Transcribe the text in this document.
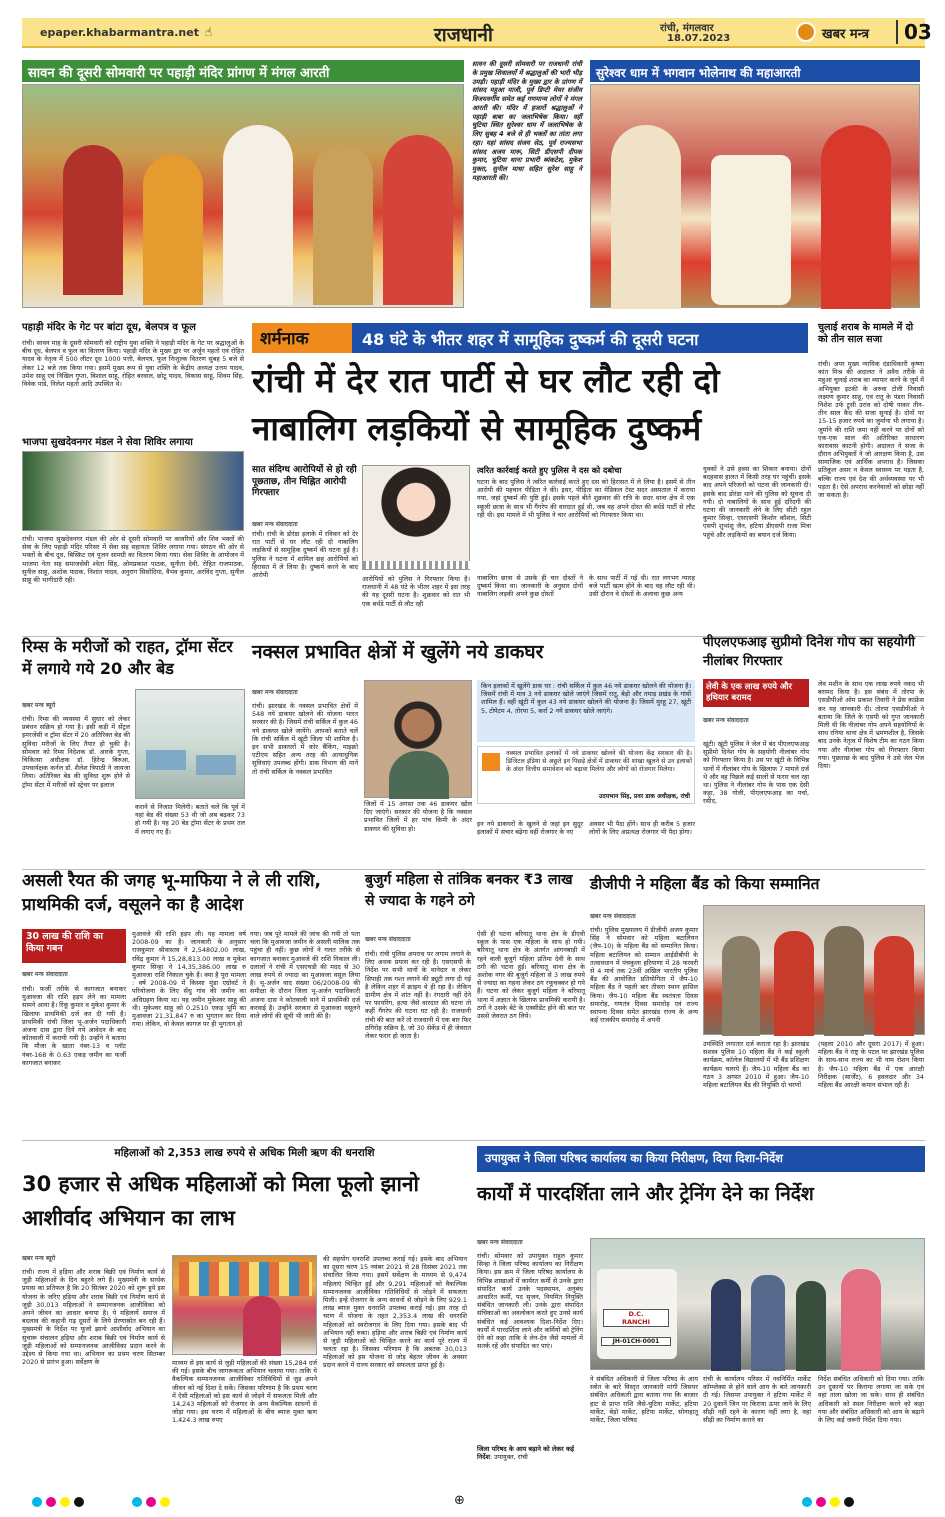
epaper.khabarmantra.net ☝	राजधानी	रांची, मंगलवार
18.07.2023	खबर मन्त्र	03
सावन की दूसरी सोमवारी पर पहाड़ी मंदिर प्रांगण में मंगल आरती
सावन की दूसरी सोमवारी पर राजधानी रांची के प्रमुख शिवालयों में श्रद्धालुओं की भारी भीड़ उमड़ी। पहाड़ी मंदिर के मुख्य द्वार के प्रांगण में सांसद महुआ माजी, पूर्व डिप्टी मेयर संजीव विजयवर्गीय समेत कई गणमान्य लोगों ने मंगल आरती की। मंदिर में हजारों श्रद्धालुओं ने पहाड़ी बाबा का जलाभिषेक किया। वहीं चुटिया स्थित सुरेश्वर धाम में जलाभिषेक के लिए सुबह 4 बजे से ही भक्तों का तांता लगा रहा। यहां सांसद संजय सेठ, पूर्व राज्यसभा सांसद अजय मारू, सिटी डीएसपी दीपक कुमार, चुटिया थाना प्रभारी ब्यंकटेश, मुकेश मुक्ता, सुनील माथा सहित सुरेश साहू ने महाआरती की।
सुरेश्वर धाम में भगवान भोलेनाथ की महाआरती
पहाड़ी मंदिर के गेट पर बांटा दूध, बेलपत्र व फूल
रांची। सावन माह के दूसरी सोमवारी को राष्ट्रीय युवा शक्ति ने पहाड़ी मंदिर के गेट पर श्रद्धालुओं के बीच दूध, बेलपत्र व फूल का वितरण किया। पहाड़ी मंदिर के मुख्य द्वार पर अर्जुन महतो एवं रोहित यादव के नेतृत्व में 500 लीटर दूध 1000 पत्ती, बेलपत्र, फूल निःशुल्क वितरण सुबह 5 बजे से लेकर 12 बजे तक किया गया। इसमें मुख्य रूप से युवा शक्ति के केंद्रीय अध्यक्ष उत्तम यादव, उमेश साहू एवं निखिल गुप्ता, बिशाल साहू, रोहित बरवाल, छोटू यादव, विकास साहू, शिवम सिंह, विवेक पांडे, निलेश महतो आदि उपस्थित थे।
भाजपा सुखदेवनगर मंडल ने सेवा शिविर लगाया
रांची। भाजपा सुखदेवनगर मंडल की ओर से दूसरी सोमवारी पर कावरियों और शिव भक्तों की सेवा के लिए पहाड़ी मंदिर परिसर में सेवा सह सहायता शिविर लगाया गया। संगठन की ओर से भक्तों के बीच दूध, बिस्किट एवं पूजन सामग्री का वितरण किया गया। सेवा शिविर के आयोजन में भाजपा नेता सह समाजसेवी श्वेता सिंह, ओमप्रकाश पाठक, सुनीता देवी, रोहित राजपाठक, सुनील साहू, अशोक पाठक, निशांत यादव, अनुराग सिसोदिया, वैभव कुमार, अरविंद गुप्ता, सुनील साहू की भागीदारी रही।
शर्मनाक	48 घंटे के भीतर शहर में सामूहिक दुष्कर्म की दूसरी घटना
रांची में देर रात पार्टी से घर लौट रही दो नाबालिग लड़कियों से सामूहिक दुष्कर्म
सात संदिग्ध आरोपियों से हो रही पूछताछ, तीन चिह्नित आरोपी गिरफ्तार
खबर मन्त्र संवाददाता
रांची। रांची के डोरंडा इलाके में रविवार को देर रात पार्टी से घर लौट रही दो नाबालिग लड़कियों से सामूहिक दुष्कर्म की घटना हुई है। पुलिस ने घटना में शामिल छह आरोपियों को हिरासत में ले लिया है। दुष्कर्म करने के बाद आरोपी
आरोपियों को पुलिस ने गिरफ्तार किया है। राजधानी में 48 घंटे के भीतर शहर में इस तरह की यह दूसरी घटना है। शुक्रवार को रात भी एक बर्थडे पार्टी से लौट रही
त्वरित कार्रवाई करते हुए पुलिस ने दस को दबोचा
घटना के बाद पुलिस ने त्वरित कार्रवाई करते हुए दस को हिरासत में ले लिया है। इसमें से तीन आरोपी की पहचान पीड़िता ने की। इधर, पीड़िता का मेडिकल टेस्ट सदर अस्पताल में कराया गया, जहां दुष्कर्म की पुष्टि हुई। इसके पहले बीते शुक्रवार की रात्रि के सदर थाना क्षेत्र में एक स्कूली छात्रा के साथ भी गैंगरेप की वारदात हुई थी, जब वह अपने दोस्त की बर्थडे पार्टी से लौट रही थी। इस मामले में भी पुलिस ने चार आरोपियों को गिरफ्तार किया था।
नाबालिग छात्रा से उसके ही चार दोस्तों ने दुष्कर्म किया था। जानकारी के अनुसार दोनों नाबालिग लड़की अपने कुछ दोस्तों
के साथ पार्टी में गई थी। रात लगभग ग्यारह बजे पार्टी खत्म होने के बाद वह लौट रही थी। उसी दौरान वे दोस्तों के अलावा कुछ अन्य
युवकों ने उसे हवस का शिकार बनाया। दोनों बदहवास हालत में किसी तरह घर पहुंचीं। इसके बाद अपने परिजनों को घटना की जानकारी दी। इसके बाद डोरंडा थाने की पुलिस को सूचना दी गयी। दो नाबालिगों के साथ हुई दरिंदगी की घटना की जानकारी लेने के लिए सीटी रहुल कुमार सिन्हा, एसएसपी किशोर कौशल, सिटी एसपी शुभांशु जैन, हटिया डीएसपी राजा मित्रा पहुंचे और लड़कियों का बयान दर्ज किया।
चुलाई शराब के मामले में दो को तीन साल सजा
रांची। अपर मुख्य न्यायिक दंडाधिकारी कृष्णा कांत मिश्र की अदालत ने अवैध तरीके से महुआ चुलाई शराब का व्यापार करने के जुर्म में अभियुक्त इटकी के अरुवा टोली निवासी लक्ष्मण कुमार साहू, एवं रातू के पंडरा निवासी निशेश उर्फ ट्रुसी उरांव को दोषी पाकर तीन-तीन साल कैद की सजा सुनाई है। दोनों पर 15-15 हजार रुपये का जुर्माना भी लगाया है। जुर्माने की राशि जमा नहीं करने पर दोनों को एक-एक साल की अतिरिक्त साधारण कारावास काटनी होगी। अदालत ने सजा के दौरान अभियुक्तों ने जो आरक्षण किया है, उस सामाजिक एवं आर्थिक अपराध है। जिसका प्रतिकूल असर न केवल स्वास्थ्य पर पड़ता है, बल्कि राज्य एवं देश की अर्थव्यवस्था पर भी पड़ता है। ऐसे अपराध करनेवालों को छोड़ा नहीं जा सकता है।
रिम्स के मरीजों को राहत, ट्रॉमा सेंटर में लगाये गये 20 और बेड
खबर मन्त्र ब्यूरो
रांची। रिम्स की व्यवस्था में सुधार को लेकर प्रबंधन सक्रिय हो गया है। इसी कड़ी में सेंट्रल इमरजेंसी व ट्रॉमा सेंटर में 20 अतिरिक्त बेड की सुविधा मरीजों के लिए तैयार हो चुकी है। सोमवार को रिम्स निदेशक डॉ. आरके गुप्ता, चिकित्सा अधीक्षक डॉ. हिरेन्द्र बिरुआ, उपचार्यक्षक कर्नल डॉ. शैलेश त्रिपाठी ने जायजा लिया। अतिरिक्त बेड की सुविधा शुरू होने से ट्रॉमा सेंटर में मरीजों को स्ट्रेचर पर इलाज
कराने से निजात मिलेगी। बताते चलें कि पूर्व में यहां बेड की संख्या 53 थी जो अब बढ़कर 73 हो गयी है। यह 20 बेड ट्रॉमा सेंटर के प्रथम तल में लगाए गए हैं।
नक्सल प्रभावित क्षेत्रों में खुलेंगे नये डाकघर
खबर मन्त्र संवाददाता
रांची। झारखंड के नक्सल प्रभावित क्षेत्रों में 548 नये डाकघर खोलने की योजना भारत सरकार की है। जिसमें रांची सर्किल में कुल 46 नये डाकघर खोले जायेंगे। आपको बताते चलें कि रांची सर्किल में खूंटी जिला भी शामिल है। इन सभी डाकघरों में कोर बैंकिंग, माइक्रो एटीएम सहित अन्य तरह की अत्याधुनिक सुविधाएं उपलब्ध होंगी। डाक विभाग की मानें तो रांची सर्किल के नक्सल प्रभावित
जिलों में 15 अगस्त तक 46 डाकघर खोल दिए जाएंगे। सरकार की योजना है कि नक्सल प्रभावित जिलों में हर पांच किमी के अंदर डाकघर की सुविधा हो।
किन इलाकों में खुलेंगे डाक घर : रांची सर्किल में कुल 46 नये डाकघर खोलने की योजना है। जिसमें रांची में मात्र 3 नये डाकघर खोले जाएंगे जिसमें रातू, बेड़ो और तमाड़ प्रखंड के गांवों शामिल हैं। वहीं खूंटी में कुल 43 नये डाकघर खोलने की योजना है। जिसमें मुरहू 27, खूंटी 5, टोपेटम 4, तोरपा 5, कर्रा 2 नये डाकघर खोले जाएंगे।
नक्सल प्रभावित इलाकों में नये डाकघर खोलने की योजना केंद्र सरकार की है। डिजिटल इंडिया से अछूते इन पिछड़े क्षेत्रों में डाकघर की शाखा खुलने से उन इलाकों के अंदर वित्तीय समावेशन को बढ़ावा मिलेगा और लोगों को रोजगार मिलेगा।
उदयभान सिंह, प्रवर डाक अधीक्षक, रांची
इन नये डाकघरों के खुलने से जहां इन सुदूर इलाकों में संचार बढ़ेगा वहीं रोजगार के नए
अवसर भी पैदा होंगे। साथ ही करीब 5 हजार लोगों के लिए अप्रत्यक्ष रोजगार भी पैदा होगा।
पीएलएफआइ सुप्रीमो दिनेश गोप का सहयोगी नीलांबर गिरफ्तार
लेवी के एक लाख रुपये और हथियार बरामद
खबर मन्त्र संवाददाता
खूंटी। खूंटी पुलिस ने जेल में बंद पीएलएफआइ सुप्रीमो दिनेश गोप के सहयोगी नीलांबर गोप को गिरफ्तार किया है। उस पर खूंटी के विभिन्न थानों में नीलांबर गोप के खिलाफ 7 मामले दर्ज थे और वह पिछले कई सालों से फरार चल रहा था। पुलिस ने नीलांबर गोप के पास एक देसी कट्टा, 38 गोली, पीएलएफआइ का पर्चा, रसीद,
लेव मशीन के साथ एक लाख रुपये नकद भी बरामद किया है। इस संबंध में तोरपा के एसडीपीओ ओम प्रकाश तिवारी ने प्रेस कांफ्रेंस कर यह जानकारी दी। तोरपा एसडीपीओ ने बताया कि जिले के एसपी को गुप्त जानकारी मिली थी कि नीलांबर गोप अपने सहयोगियों के साथ रनिया थाना क्षेत्र में भ्रमणशील है, जिसके बाद उनके नेतृत्व में विशेष टीम का गठन किया गया और नीलांबर गोप को गिरफ्तार किया गया। पूछताछ के बाद पुलिस ने उसे जेल भेज दिया।
असली रैयत की जगह भू-माफिया ने ले ली राशि, प्राथमिकी दर्ज, वसूलने का है आदेश
30 लाख की राशि का किया गबन
खबर मन्त्र संवाददाता
रांची। फर्जी तरीके से कागजात बनाकर मुआवजा की राशि हड़प लेने का मामला सामने आया है। रिंकू कुमार व मुकेश कुमार के खिलाफ प्राथमिकी दर्ज कर दी गयी है। प्राथमिकी रांची जिला भू-अर्जन पदाधिकारी अंजना दास द्वारा दिये गये आवेदन के बाद कोतवाली में करायी गयी है। उन्होंने ने बताया कि मौजा के खाता नंबर-13 व प्लॉट नंबर-168 के 0.63 एकड़ जमीन का फर्जी कागजात बनाकर
मुआवजे की राशि हड़प ली। यह मामला वर्ष 2008-09 का है। जानकारी के अनुसार राजकुमार श्रीवास्तव ने 2,54802.00 लाख, रविंद्र कुमार ने 15,28,813.00 लाख व मुकेश कुमार सिन्हा ने 14,35,386.00 लाख रु मुआवजा राशि निकाल चुके हैं। क्या है पूरा मामला : वर्ष 2008-09 में किस्सा मुंडा एग्रोवर्ट ने परियोजना के लिए सेंधु गांव की जमीन का अधिग्रहण किया था। यह जमीन मुकेश्वर साहू की थी। मुकेश्वर साहू को 0.2510 एकड़ भूमि का मुआवजा 21,31,847 रु का भुगतान कर दिया गया। लेकिन, वो केवल कागज पर ही भुगतान हो
गया। जब पूरे मामले की जांच की गयी तो पता चला कि मुआवजा जमीन के असली मालिक तक पहुंचा ही नहीं। कुछ लोगों ने गलत तरीके से कागजात बनाकर मुआवजे की राशि निकाल ली। दलालों ने रांची में एसएचडी की मदद से 30 लाख रुपये से ज्यादा का मुआवजा वसूल लिया है। भू-अर्जन वाद संख्या 06/2008-09 की समीक्षा के दौरान जिला भू-अर्जन पदाधिकारी अंजना दास ने कोतवाली थाने में प्राथमिकी दर्ज करवाई है। उन्होंने सरकार से मुआवजा वसूलने वाले लोगों की सूची भी जारी की है।
बुजुर्ग महिला से तांत्रिक बनकर ₹3 लाख से ज्यादा के गहने ठगे
खबर मन्त्र संवाददाता
रांची। रांची पुलिस अपराध पर लगाम लगाने के लिए अथक प्रयास कर रही है। एसएसपी के निर्देश पर सभी थानों के थानेदार व लेकर सिपाही तक गश्त लगाने की ड्यूटी लगा दी गई है लेकिन शहर में क्राइम थे ही रहा है। लेकिन ग्रामीण क्षेत्र में शांत नहीं है। रंगदारी नहीं देने पर फायरिंग, हत्या जैसे वारदात की घटना तो कहीं गैंगरेप की घटना घट रही है। राजधानी रांची की बात करें तो राजधानी में एक बार फिर ठगिरोह सक्रिय है, जो 30 सेकेंड में ही जेवरात लेकर फरार हो जाता है।
ऐसी ही घटना बरियातू थाना क्षेत्र के डीएवी स्कूल के पास एक महिला के साथ हो गयी। बरियातू थाना क्षेत्र के अंतर्गत आंगनबाड़ी में रहने वाली बुजुर्ग महिला प्रतिमा देवी के साथ ठगी की घटना हुई। बरियातू थाना क्षेत्र के अशोक नगर की बुजुर्ग महिला से 3 लाख रुपये से ज्यादा का गहना लेकर ठग रफूचक्कर हो गये हैं। घटना को लेकर बुजुर्ग महिला ने बरियातू थाना में अज्ञात के खिलाफ प्राथमिकी करायी है। ठगों ने उसके बेटे के एक्सीडेंट होने की बात पर उससे जेवरात ठग लिये।
डीजीपी ने महिला बैंड को किया सम्मानित
खबर मन्त्र संवाददाता
रांची। पुलिस मुख्यालय में डीजीपी अजय कुमार सिंह ने सोमवार को महिला बटालियन (जैप-10) के महिला बैंड को सम्मानित किया। महिला बटालियन को सम्मान आईडीबीपी के तत्वावधान में पंचकुला हरियाणा में 28 फरवरी से 4 मार्च तक 23वीं अखिल भारतीय पुलिस बैंड की आयोजित प्रतियोगिता में जैप-10 महिला बैंड ने पहली बार तीसरा स्थान हासिल किया। जैप-10 महिला बैंड स्वतंत्रता दिवस समारोह, गणतंत्र दिवस समारोह एवं राज्य स्थापना दिवस समेत झारखंड राज्य के अन्य कई राजकीय समारोह में अपनी
उपस्थिति लगातार दर्ज कराता रहा है। झारखंड सशस्त्र पुलिस 10 महिला बैंड ने कई स्कूली कार्यक्रम, कॉलेज विद्यालयों में भी बैंड प्रशिक्षण कार्यक्रम चलाये हैं। जैप-10 महिला बैंड का गठन 3 अगस्त 2010 में हुआ। जैप-10 महिला बटालियन बैंड की नियुक्ति दो चरणों
(पहला 2010 और दूसरा 2017) में हुआ। महिला बैंड ने राष्ट्र के पटल पर झारखंड पुलिस के साथ-साथ राज्य का भी नाम रोशन किया है। जैप-10 महिला बैंड में एक आरक्षी निरीक्षक (सार्जेंट), 6 हवलदार और 34 महिला बैंड आरक्षी कमान संभाल रही हैं।
महिलाओं को 2,353 लाख रुपये से अधिक मिली ऋण की धनराशि
30 हजार से अधिक महिलाओं को मिला फूलो झानो आशीर्वाद अभियान का लाभ
खबर मन्त्र ब्यूरो
रांची। राज्य में हड़िया और शराब बिक्री एवं निर्माण कार्य से जुड़ी महिलाओं के दिन बहुरने लगे हैं। मुख्यमंत्री के सार्थक प्रयास का प्रतिफल है कि 20 सितंबर 2020 को शुरू हुये इस योजना के जरिए हड़िया और शराब बिक्री एवं निर्माण कार्य से जुड़ी 30,013 महिलाओं ने सम्मानजनक आजीविका को अपने जीवन का आधार बनाया है। ये महिलायें समाज में बदलाव की कहानी गढ़ दूसरों के लिये प्रेरणास्रोत बन रही हैं। मुख्यमंत्री के निर्देश पर फूलो झानो आशीर्वाद अभियान का सुचारू संचालन हड़िया और शराब बिक्री एवं निर्माण कार्य से जुड़ी महिलाओं को सम्मानजनक आजीविका प्रदान करने के उद्देश्य से किया गया था। अभियान का प्रथम चरण सितम्बर 2020 से प्रारंभ हुआ। सर्वेक्षण के	माध्यम से इस कार्य से जुड़ी महिलाओं की संख्या 15,284 दर्ज की गई। इसके बीच जागरूकता अभियान चलाया गया। ताकि ये वैकल्पिक सम्मानजनक आजीविका गतिविधियों से जुड़ अपने जीवन को नई दिशा दे सकें। जिसका परिणाम है कि प्रथम चरण में ऐसी महिलाओं को इस कार्य से जोड़ने में सफलता मिली और 14,243 महिलाओं को रोजगार के अन्य वैकल्पिक साधनों से जोड़ा गया। इस चरण में महिलाओं के बीच ब्याज मुक्त ऋण 1,424.3 लाख रुपए
की सहयोग धनराशि उपलब्ध कराई गई। इसके बाद अभियान का दूसरा चरण 15 नवंबर 2021 से 28 दिसंबर 2021 तक संचालित किया गया। इसमें सर्वेक्षण के माध्यम से 9,474 महिलाएं चिन्हित हुईं और 9,291 महिलाओं को वैकल्पिक सम्मानजनक आजीविका गतिविधियों से जोड़ने में सफलता मिली। इन्हें रोजगार के अन्य साधनों से जोड़ने के लिए 929.1 लाख ब्याज मुक्त धनराशि उपलब्ध कराई गई। इस तरह दो चरण में योजना के तहत 2,353.4 लाख की धनराशि महिलाओं को स्वरोजगार के लिए दिया गया। इसके बाद भी अभियान नहीं रुका। हड़िया और शराब बिक्री एवं निर्माण कार्य से जुड़ी महिलाओं को चिन्हित करने का कार्य पूरे राज्य में चलता रहा है। जिसका परिणाम है कि अबतक 30,013 महिलाओं को इस योजना से जोड़ बेहतर जीवन के अवसर प्रदान करने में राज्य सरकार को सफलता प्राप्त हुई है।
उपायुक्त ने जिला परिषद कार्यालय का किया निरीक्षण, दिया दिशा-निर्देश
कार्यों में पारदर्शिता लाने और ट्रेनिंग देने का निर्देश
खबर मन्त्र संवाददाता
रांची। सोमवार को उपायुक्त राहुल कुमार सिन्हा ने जिला परिषद कार्यालय का निरीक्षण किया। इस क्रम में जिला परिषद कार्यालय के विभिन्न शाखाओं में कार्यरत कर्मी से उनके द्वारा संपादित कार्य उनके पदस्थापन, अनुबंध आधारित कर्मी, पद सृजन, नियमित नियुक्ति संबंधित जानकारी ली। उनके द्वारा संपादित संचिकाओं का अवलोकन करते हुए उनसे कार्य संबंधित कई आवश्यक दिशा-निर्देश दिए। कार्यों में पारदर्शिता लाने और कर्मियों को ट्रेनिंग देने को कहा ताकि वे लेन-देन जैसे मामलों में सतर्क रहें और संपादित कर पाएं।
जिला परिषद के आय बढ़ाने को लेकर कई निर्देश: उपायुक्त, रांची
D.C.
RANCHI
JH-01CH-0001
ने संबंधित अधिकारी से जिला परिषद के आय स्त्रोत के बारे विस्तृत जानकारी मांगी जिसपर संबंधित अधिकारी द्वारा बताया गया कि बाजार हाट से प्राप्त राशि जैसे-चुटिया मार्केट, हटिया मार्केट, बेड़ो मार्केट, हटिया मार्केट, सोनाहातू मार्केट, जिला परिषद
रांची के कार्यालय परिसर में नवनिर्मित मार्केट कॉम्प्लेक्स से होने वाले आय के बारे जानकारी दी गई। जिसपर उपायुक्त ने हटिया मार्केट में 20 दुकानें जिन पर किराया ऊपर जाने के लिए सीढ़ी नहीं रहने के कारण नहीं लगा है, वहां सीढ़ी का निर्माण कराने का
निर्देश संबंधित अधिकारी को दिया गया। ताकि उन दुकानों पर किराया लगाया जा सके एवं वहां ताला खोला जा सके। साथ ही संबंधित अधिकारी को स्थल निरीक्षण करने को कहा गया और संबंधित अधिकारी को आय के बढ़ाने के लिए कई जरूरी निर्देश दिया गया।
⊕
